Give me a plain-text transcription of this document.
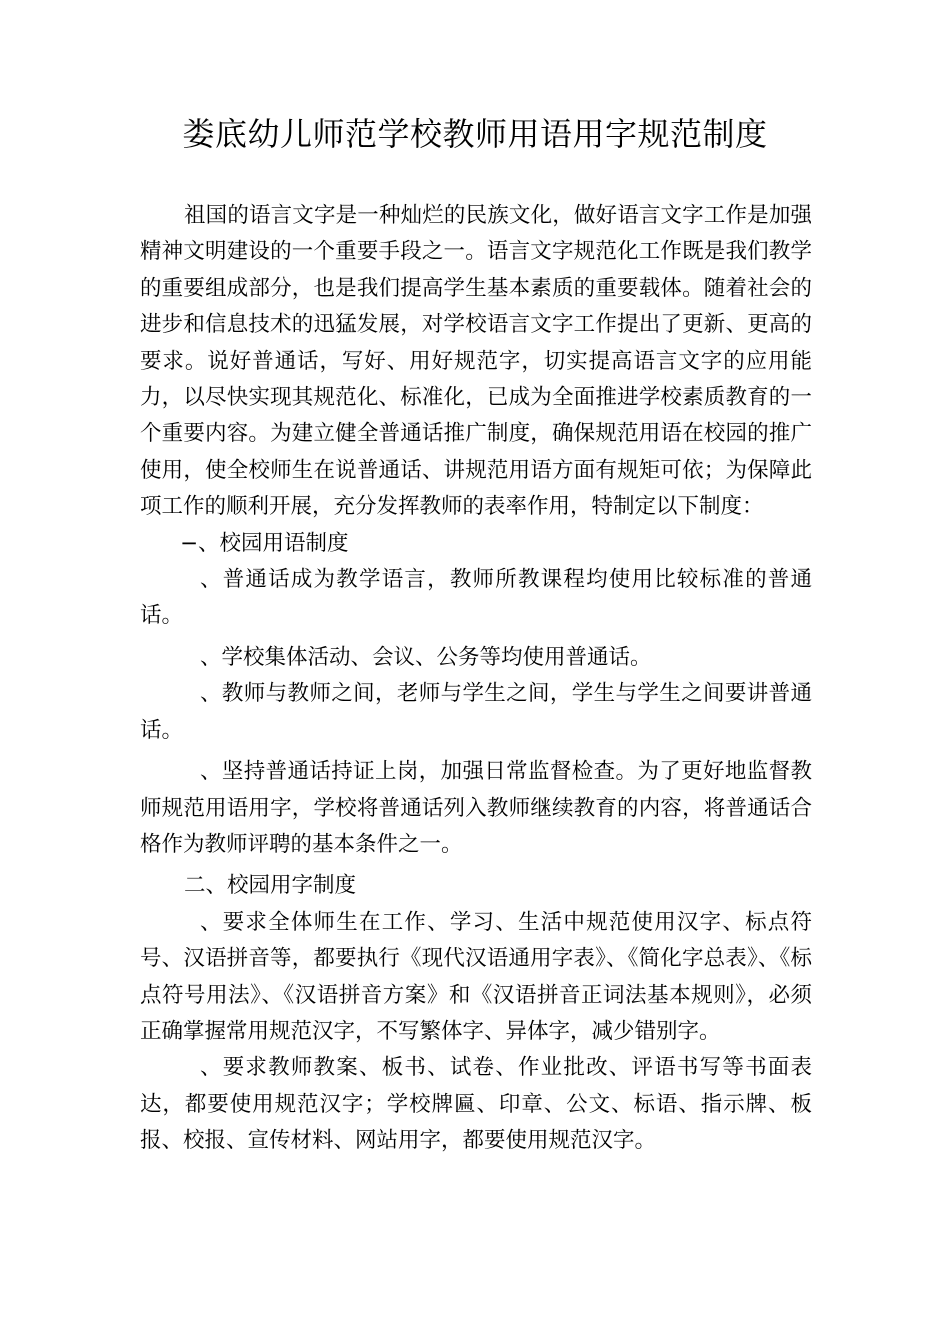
娄底幼儿师范学校教师用语用字规范制度

祖国的语言文字是一种灿烂的民族文化，做好语言文字工作是加强精神文明建设的一个重要手段之一。语言文字规范化工作既是我们教学的重要组成部分，也是我们提高学生基本素质的重要载体。随着社会的进步和信息技术的迅猛发展，对学校语言文字工作提出了更新、更高的要求。说好普通话，写好、用好规范字，切实提高语言文字的应用能力，以尽快实现其规范化、标准化，已成为全面推进学校素质教育的一个重要内容。为建立健全普通话推广制度，确保规范用语在校园的推广使用，使全校师生在说普通话、讲规范用语方面有规矩可依；为保障此项工作的顺利开展，充分发挥教师的表率作用，特制定以下制度：

−、校园用语制度

、普通话成为教学语言，教师所教课程均使用比较标准的普通话。

、学校集体活动、会议、公务等均使用普通话。

、教师与教师之间，老师与学生之间，学生与学生之间要讲普通话。

、坚持普通话持证上岗，加强日常监督检查。为了更好地监督教师规范用语用字，学校将普通话列入教师继续教育的内容，将普通话合格作为教师评聘的基本条件之一。

二、校园用字制度

、要求全体师生在工作、学习、生活中规范使用汉字、标点符号、汉语拼音等，都要执行《现代汉语通用字表》、《简化字总表》、《标点符号用法》、《汉语拼音方案》和《汉语拼音正词法基本规则》，必须正确掌握常用规范汉字，不写繁体字、异体字，减少错别字。

、要求教师教案、板书、试卷、作业批改、评语书写等书面表达，都要使用规范汉字；学校牌匾、印章、公文、标语、指示牌、板报、校报、宣传材料、网站用字，都要使用规范汉字。
